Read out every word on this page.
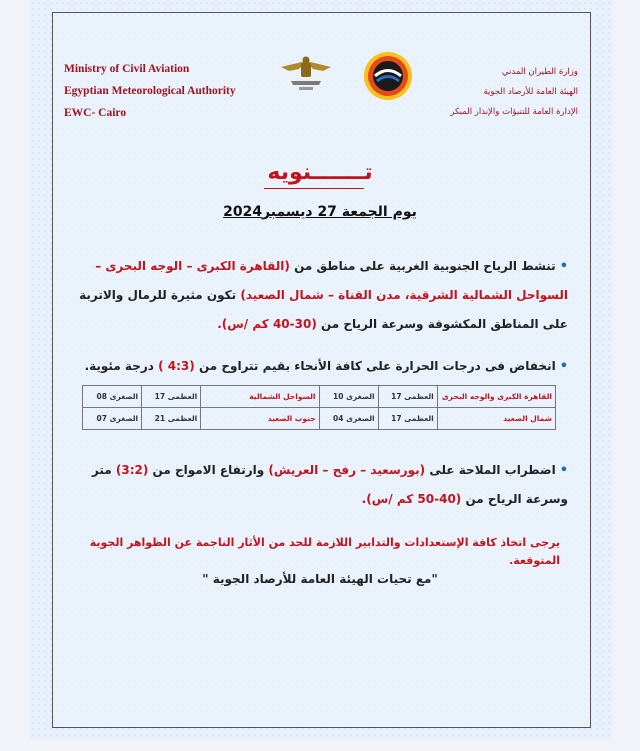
Ministry of Civil Aviation
Egyptian Meteorological Authority
EWC- Cairo
وزارة الطيران المدني
الهيئة العامة للأرصاد الجوية
الإدارة العامة للتنبؤات والإنذار المبكر
تـــــــنويه
يوم الجمعة 27 ديسمبر2024
•تنشط الرياح الجنوبية الغربية على مناطق من (القاهرة الكبرى – الوجه البحرى – السواحل الشمالية الشرقية، مدن القناة – شمال الصعيد) تكون مثيرة للرمال والاتربة على المناطق المكشوفة وسرعة الرياح من (30-40 كم /س).
•انخفاض فى درجات الحرارة على كافة الأنحاء بقيم تتراوح من (4:3 ) درجة مئوية.
القاهرة الكبرى والوجه البحرى	العظمى 17	الصغرى 10	السواحل الشمالية	العظمى 17	الصغرى 08
شمال الصعيد	العظمى 17	الصغرى 04	جنوب الصعيد	العظمى 21	الصغرى 07
•اضطراب الملاحة على (بورسعيد – رفح – العريش) وارتفاع الامواج من (3:2) متر وسرعة الرياح من (40-50 كم /س).
يرجى اتخاذ كافة الإستعدادات والتدابير اللازمة للحد من الأثار الناجمة عن الظواهر الجوية المتوقعة.
"مع تحيات الهيئة العامة للأرصاد الجوية "
